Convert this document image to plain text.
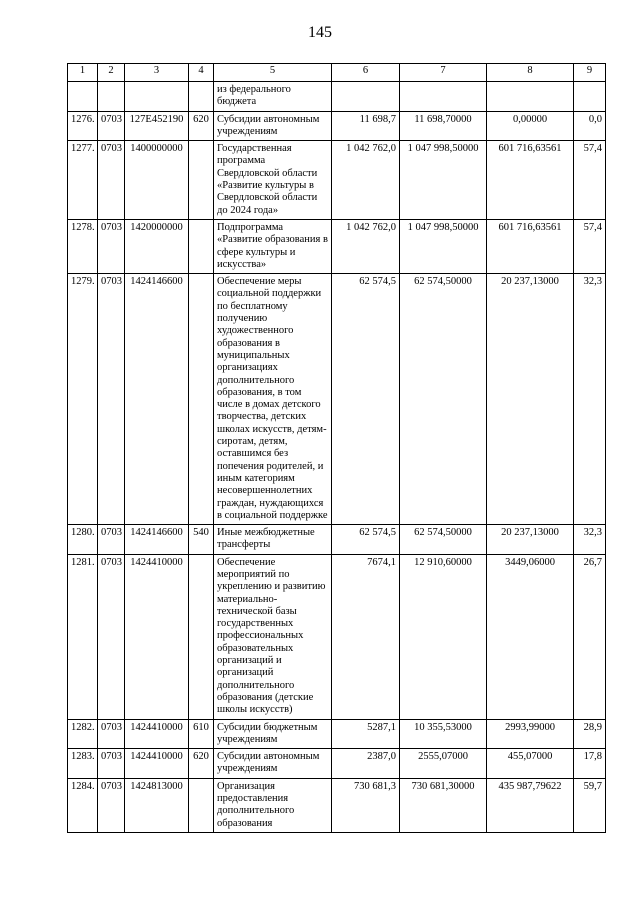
145
1	2	3	4	5	6	7	8	9
				из федерального бюджета				
1276.	0703	127E452190	620	Субсидии автономным учреждениям	11 698,7	11 698,70000	0,00000	0,0
1277.	0703	1400000000		Государственная программа Свердловской области «Развитие культуры в Свердловской области до 2024 года»	1 042 762,0	1 047 998,50000	601 716,63561	57,4
1278.	0703	1420000000		Подпрограмма «Развитие образования в сфере культуры и искусства»	1 042 762,0	1 047 998,50000	601 716,63561	57,4
1279.	0703	1424146600		Обеспечение меры социальной поддержки по бесплатному получению художественного образования в муниципальных организациях дополнительного образования, в том числе в домах детского творчества, детских школах искусств, детям-сиротам, детям, оставшимся без попечения родителей, и иным категориям несовершеннолетних граждан, нуждающихся в социальной поддержке	62 574,5	62 574,50000	20 237,13000	32,3
1280.	0703	1424146600	540	Иные межбюджетные трансферты	62 574,5	62 574,50000	20 237,13000	32,3
1281.	0703	1424410000		Обеспечение мероприятий по укреплению и развитию материально-технической базы государственных профессиональных образовательных организаций и организаций дополнительного образования (детские школы искусств)	7674,1	12 910,60000	3449,06000	26,7
1282.	0703	1424410000	610	Субсидии бюджетным учреждениям	5287,1	10 355,53000	2993,99000	28,9
1283.	0703	1424410000	620	Субсидии автономным учреждениям	2387,0	2555,07000	455,07000	17,8
1284.	0703	1424813000		Организация предоставления дополнительного образования	730 681,3	730 681,30000	435 987,79622	59,7
